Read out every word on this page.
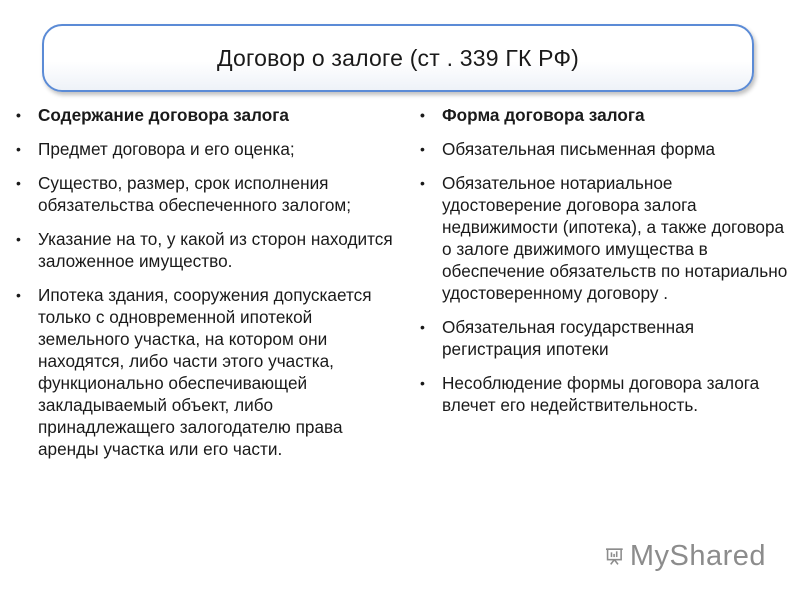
Договор о залоге (ст . 339 ГК РФ)
• Содержание договора залога
• Предмет договора и его оценка;
• Существо, размер, срок исполнения обязательства обеспеченного залогом;
• Указание на то, у какой из сторон находится заложенное имущество.
• Ипотека здания, сооружения допускается только с одновременной ипотекой земельного участка, на котором они находятся, либо части этого участка, функционально обеспечивающей закладываемый объект, либо принадлежащего залогодателю права аренды участка или его части.
• Форма договора залога
• Обязательная письменная форма
• Обязательное нотариальное удостоверение договора залога недвижимости (ипотека), а также договора о залоге движимого имущества в обеспечение обязательств по нотариально удостоверенному договору .
• Обязательная государственная регистрация ипотеки
• Несоблюдение формы договора залога влечет его недействительность.
MyShared
